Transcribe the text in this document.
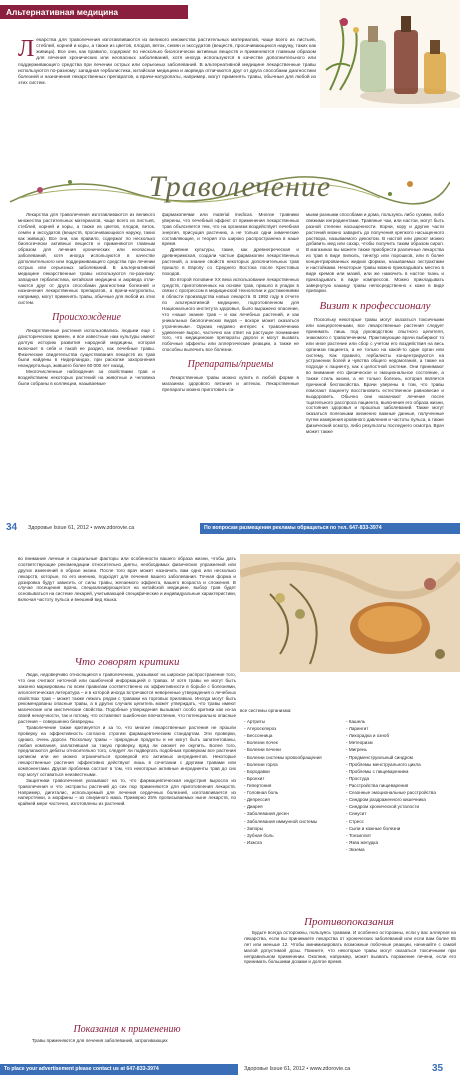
Альтернативная медицина
Лекарства для траволечения изготавливаются из великого множества растительных материалов, чаще всего из листьев, стеблей, корней и коры, а также из цветов, плодов, веток, семян и экссудатов (веществ, просачивающихся наружу, таких как живица). Все они, как правило, содержат по несколько биологически активных веществ и применяются главным образом для лечения хронических или неопасных заболеваний, хотя иногда используются в качестве дополнительного или поддерживающего средства при лечении острых или серьезных заболеваний. В альтернативной медицине лекарственные травы используются по-разному: западная гербалистика, китайская медицина и аюрведа отличаются друг от друга способами диагностики болезней и назначения лекарственных препаратов, а врачи-натуропаты, например, могут применять травы, обычные для любой из этих систем.
Траволечение

Лекарства для траволечения изготавливаются из великого множества растительных материалов, чаще всего из листьев, стеблей, корней и коры, а также из цветов, плодов, веток, семян и экссудатов (веществ, просачивающихся наружу, таких как живица). Все они, как правило, содержат по несколько биологически активных веществ и применяются главным образом для лечения хронических или неопасных заболеваний, хотя иногда используются в качестве дополнительного или поддерживающего средства при лечении острых или серьезных заболеваний. В альтернативной медицине лекарственные травы используются по-разному: западная гербалистика, китайская медицина и аюрведа отли-чаются друг от друга способами диагностики болезней и назначения лекарственных препаратов, а врачи-натуропаты, например, могут применять травы, обычные для любой из этих систем.

Происхождение

Лекарственные растения использовались людьми еще с доисторических времен, и все известные нам культуры имеют долгую историю развития народной медицины, которая включает в себя и такой ее раздел, как лечебные травы. Физические свидетельства существования лекарств из трав были найдены в Нидерландах, при раскопке захоронения неандертальца, жившего более 60 000 лет назад.

Многочисленные наблюдения за свойствами трав и воздействием некоторых растений на животных и человека были собраны в коллекции, называемые

фармакопеями или material medicas. Многие травники уверены, что лечебный эффект от применения лекарственных трав объясняется тем, что на организм воздействует лечебная энергия, присущая растению, а не только одни химические составляющие, и теория эта широко распространена в наше время.

Древние культуры, такие, как древнегреческая и древнеримская, создали частые фармакопеи лекарственных растений, а знание свойств некоторых дополнительных трав пришло в Европу со Среднего Востока после Крестовых походов.

Во второй половине XX века использование лекарственных средств, приготовленных на основе трав, пришло в упадок в связи с прогрессом в медицинской технологии и достижениями в области производства новых лекарств. В 1992 году в отчете по альтернативной медицине, подготовленном для Национального института здоровья, было выражено опасение, что «наше знание трав – и как лечебных растений, и как уникальных биологических видов – вскоре может оказаться утраченным». Однако недавно интерес к траволечению удивление вырос, частично как ответ на растущее понимание того, что медицинские препараты дороги и могут вызвать побочные эффекты или аллергические реакции, а также не способны вылечить все болезни.

Препараты/приемы

Лекарственные травы можно купить в любой форме в магазинах здорового питания и аптеках. Лекарственные препараты можно приготовить са-

мыми разными способами и дома, пользуясь либо сухими, либо свежими ингредиентами. Травяные чаи, или настои, могут быть разной степени насыщенности. Корни, кору и другие части растений можно заварить до получения крепкого насыщенного раствора, называемого декоктом. В настой или декокт можно добавить мед или сахар, чтобы получить таким образом сироп. В магазинах вы можете также приобрести различные лекарства из трав в виде пилюль, тинктур или порошков, или в более концентрированных жидких формах, называемых экстрактами и настойками. Некоторые травы можно прикладывать местно в виде кремов или мазей, или же намочить в настое ткань и прикладывать в виде компрессов. Можно прикладывать завернутую кашицу травы непосредственно к коже в виде припарки.

Визит к профессионалу

Поскольку некоторые травы могут оказаться токсичными или канцерогенными, все лекарственные растения следует принимать лишь под руководством опытного целителя, знакомого с траволечением. Практикующие врачи выбирают то или иное растение или сбор с учетом его воздействия на весь организм пациента, а не только на какой-то один орган или систему. Как правило, гербалисты концентрируются на устранении болей и чувства общего недомогания, а также на подходе к пациенту, как к целостной системе. Они принимают во внимание его физическое и эмоциональное состояние, а также стиль жизни, а не только болезнь, которая является причиной беспокойства. Врачи уверены в том, что травы помогают пациенту восстановить естественное равновесие и выздороветь. Обычно они назначают лечение после тщательного расспроса пациента, выяснения его образа жизни, состояния здоровья и прошлых заболеваний. Также могут оказаться полезными жизненно важные данные, полученные путем измерения кровяного давления и частоты пульса, а также физический осмотр, либо результаты последнего осмотра. Врач может также

34 Здоровье Issue 61, 2012 • www.zdorovie.ca	По вопросам размещения рекламы обращаться по тел. 647-833-3974
во внимание личные и социальные факторы или особенности вашего образа жизни, чтобы дать соответствующие рекомендации относительно диеты, необходимых физических упражнений или других изменений в образе жизни. После того врач может назначить вам одно или несколько лекарств, которые, по его мнению, подходят для лечения вашего заболевания. Точная форма и дозировка будут зависеть от силы травы, желаемого эффекта, вашего возраста и сложения. В случае посещения врача, специализирующегося на китайской медицине, выбор трав будет основываться на системе лекарей, учитывающей специфические и индивидуальные характеристики, включая частоту пульса и внешний вид языка.
Что говорят критики

Люди, недоверчиво относящиеся к траволечению, указывают на широкое распространение того, что они считают неточной или ошибочной информацией о травах. И хотя травы не могут быть законно маркированы по всем правилам соответственно их эффективности в борьбе с болезнями, апологетическая литература – и в которой иногда встречаются неверенные утверждения о лечебных свойствах трав – может также лежать рядом с травами на торговых прилавках. Иногда могут быть рекомендованы опасные травы, а в других случаях целитель может утверждать, что травы имеют магические или мистические свойства. Подобные утверждения вызывают особо критики как из-за своей ненаучности, так и потому, что оставляют ошибочное впечатление, что потенциально опасные растения – совершенно безвредны.

Траволечение также критикуется и за то, что многие лекарственные растения не прошли проверку на эффективность согласно строгим фармацевтическим стандартам. Эти проверки, однако, очень дороги. Поскольку травы – природные продукты и не могут быть запатентованы, любая компания, заплатившая за такую проверку, вряд ли сможет ее окупить. Более того, предлагаются дебаты относительно того, следует ли подвергать подобным проверкам все растения целиком или же можно ограничиться проверкой его активных ингредиентов. Некоторые лекарственные растения эффективно действуют лишь в сочетании с другими травами или компонентами. Другая проблема состоит в том, что некоторые активные ингредиенты трав до сих пор могут оставаться неизвестными.

Защитники траволечения указывают на то, что фармацевтическая индустрия выросла из траволечения и что экстракты растений до сих пор применяются для приготовления лекарств. Например, дигиталис, используемый для лечения сердечных болезней, изготавливается из наперстянки, а морфины – из опиумного мака. Примерно 25% прописываемых ныне лекарств, по крайней мере частично, изготовлены из растений.

Показания к применению
Травы применяются для лечения заболеваний, затрагивающих
все системы организма:
- Артриты
- Атеросклероз
- Бессонница
- Болезни почек
- Болезни печени
- Болезни системы кровообращения
- Болезни горла
- Бородавки
- Бронхит
- Гипертония
- Головная боль
- Депрессия
- Диарея
- Заболевания десен
- Заболевания иммунной системы
- Запоры
- Зубная боль
- Изжога
- Кашель
- Ларингит
- Лихорадка и озноб
- Метеоризм
- Мигрень
- Предменструальный синдром
- Проблемы менструального цикла
- Проблемы с пищеварением
- Простуда
- Расстройства пищеварения
- Сезонные эмоциональные расстройства
- Синдром раздраженного кишечника
- Синдром хронической усталости
- Синусит
- Стресс
- Сыпи и кожные болезни
- Тонзиллит
- Язва желудка
- Экзема
Противопоказания
Будьте всегда осторожны, пользуясь травами. И особенно осторожны, если у вас аллергия на лекарства, если вы принимаете лекарства от хронических заболеваний или если вам более 65 лет или меньше 12. Чтобы минимизировать возможные побочные реакции, начинайте с самой малой допустимой дозы. Помните, что некоторые травы могут оказаться токсичными при неправильном применении. Окопник, например, может вызвать поражение печени, если его принимать большими дозами и долгое время.
To place your advertisement please contact us at 647-833-3974	Здоровье Issue 61, 2012 • www.zdorovie.ca	35
